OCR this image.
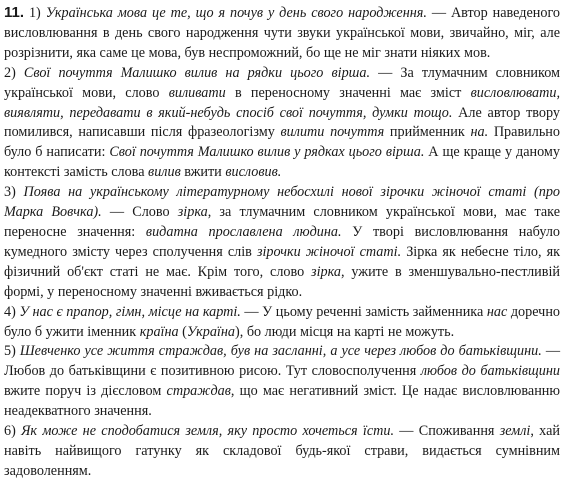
11. 1) Українська мова це те, що я почув у день свого народження. — Автор наведеного висловлювання в день свого народження чути звуки української мови, звичайно, міг, але розрізнити, яка саме це мова, був неспроможний, бо ще не міг знати ніяких мов.

2) Свої почуття Малишко вилив на рядки цього вірша. — За тлумачним словником української мови, слово виливати в переносному значенні має зміст висловлювати, виявляти, передавати в який-небудь спосіб свої почуття, думки тощо. Але автор твору помилився, написавши після фразеологізму вилити почуття прийменник на. Правильно було б написати: Свої почуття Малишко вилив у рядках цього вірша. А ще краще у даному контексті замість слова вилив вжити висловив.

3) Поява на українському літературному небосхилі нової зірочки жіночої статі (про Марка Вовчка). — Слово зірка, за тлумачним словником української мови, має таке переносне значення: видатна прославлена людина. У творі висловлювання набуло кумедного змісту через сполучення слів зірочки жіночої статі. Зірка як небесне тіло, як фізичний об'єкт статі не має. Крім того, слово зірка, ужите в зменшувально-пестливій формі, у переносному значенні вживається рідко.

4) У нас є прапор, гімн, місце на карті. — У цьому реченні замість займенника нас доречно було б ужити іменник країна (Україна), бо люди місця на карті не можуть.

5) Шевченко усе життя страждав, був на засланні, а усе через любов до батьківщини. — Любов до батьківщини є позитивною рисою. Тут словосполучення любов до батьківщини вжите поруч із дієсловом страждав, що має негативний зміст. Це надає висловлюванню неадекватного значення.

6) Як може не сподобатися земля, яку просто хочеться їсти. — Споживання землі, хай навіть найвищого гатунку як складової будь-якої страви, видається сумнівним задоволенням.
